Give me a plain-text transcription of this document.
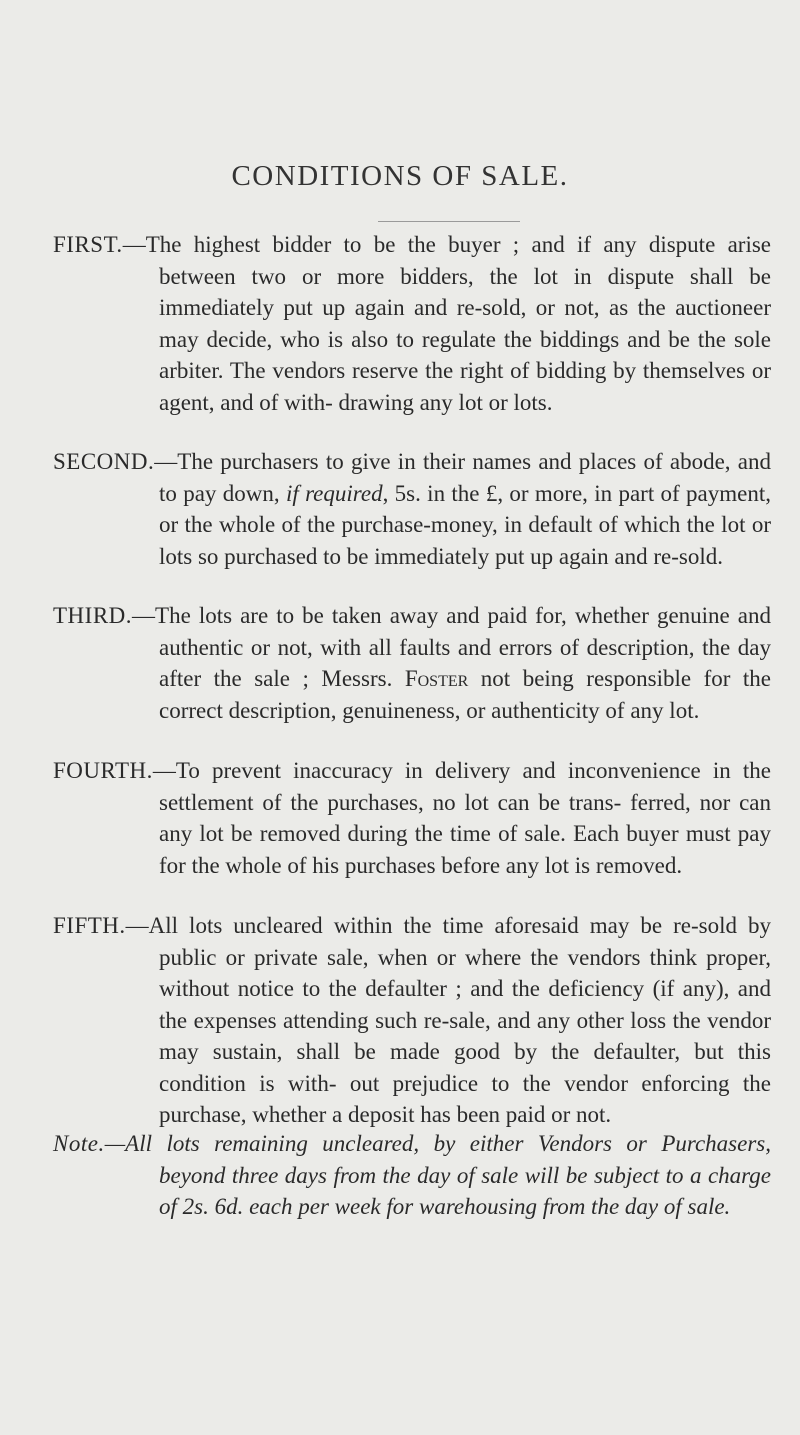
CONDITIONS OF SALE.
FIRST.—The highest bidder to be the buyer ; and if any dispute arise between two or more bidders, the lot in dispute shall be immediately put up again and re-sold, or not, as the auctioneer may decide, who is also to regulate the biddings and be the sole arbiter. The vendors reserve the right of bidding by themselves or agent, and of with- drawing any lot or lots.
SECOND.—The purchasers to give in their names and places of abode, and to pay down, if required, 5s. in the £, or more, in part of payment, or the whole of the purchase-money, in default of which the lot or lots so purchased to be immediately put up again and re-sold.
THIRD.—The lots are to be taken away and paid for, whether genuine and authentic or not, with all faults and errors of description, the day after the sale ; Messrs. Foster not being responsible for the correct description, genuineness, or authenticity of any lot.
FOURTH.—To prevent inaccuracy in delivery and inconvenience in the settlement of the purchases, no lot can be trans- ferred, nor can any lot be removed during the time of sale. Each buyer must pay for the whole of his purchases before any lot is removed.
FIFTH.—All lots uncleared within the time aforesaid may be re-sold by public or private sale, when or where the vendors think proper, without notice to the defaulter ; and the deficiency (if any), and the expenses attending such re-sale, and any other loss the vendor may sustain, shall be made good by the defaulter, but this condition is with- out prejudice to the vendor enforcing the purchase, whether a deposit has been paid or not.
Note.—All lots remaining uncleared, by either Vendors or Purchasers, beyond three days from the day of sale will be subject to a charge of 2s. 6d. each per week for warehousing from the day of sale.
